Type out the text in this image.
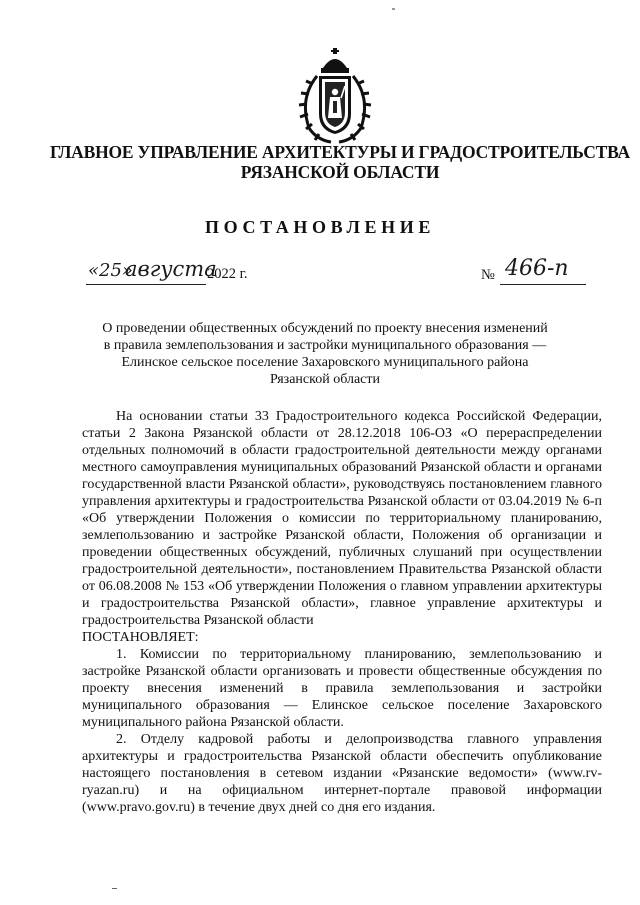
ГЛАВНОЕ УПРАВЛЕНИЕ АРХИТЕКТУРЫ И ГРАДОСТРОИТЕЛЬСТВА
РЯЗАНСКОЙ ОБЛАСТИ
ПОСТАНОВЛЕНИЕ
«25»
августа
2022 г.	№ 466-п
О проведении общественных обсуждений по проекту внесения изменений
в правила землепользования и застройки муниципального образования —
Елинское сельское поселение Захаровского муниципального района
Рязанской области

На основании статьи 33 Градостроительного кодекса Российской Федерации, статьи 2 Закона Рязанской области от 28.12.2018 106-ОЗ «О перераспределении отдельных полномочий в области градостроительной деятельности между органами местного самоуправления муниципальных образований Рязанской области и органами государственной власти Рязанской области», руководствуясь постановлением главного управления архитектуры и градостроительства Рязанской области от 03.04.2019 № 6-п «Об утверждении Положения о комиссии по территориальному планированию, землепользованию и застройке Рязанской области, Положения об организации и проведении общественных обсуждений, публичных слушаний при осуществлении градостроительной деятельности», постановлением Правительства Рязанской области от 06.08.2008 № 153 «Об утверждении Положения о главном управлении архитектуры и градостроительства Рязанской области», главное управление архитектуры и градостроительства Рязанской области

ПОСТАНОВЛЯЕТ:

1. Комиссии по территориальному планированию, землепользованию и застройке Рязанской области организовать и провести общественные обсуждения по проекту внесения изменений в правила землепользования и застройки муниципального образования — Елинское сельское поселение Захаровского муниципального района Рязанской области.

2. Отделу кадровой работы и делопроизводства главного управления архитектуры и градостроительства Рязанской области обеспечить опубликование настоящего постановления в сетевом издании «Рязанские ведомости» (www.rv-ryazan.ru) и на официальном интернет-портале правовой информации (www.pravo.gov.ru) в течение двух дней со дня его издания.
